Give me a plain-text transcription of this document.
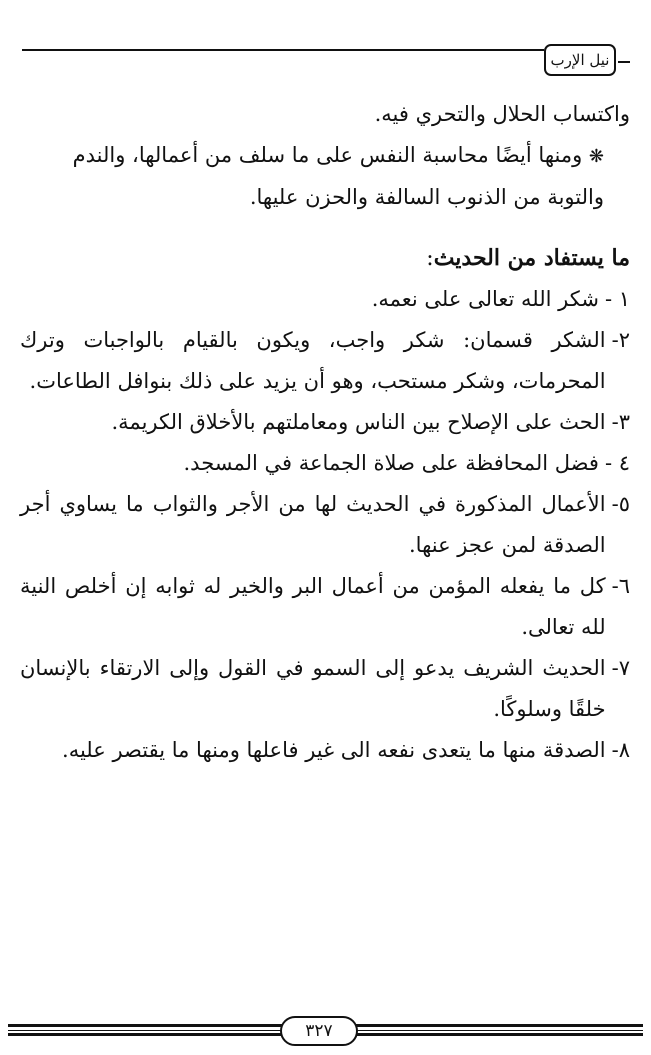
نيل الإرب

واكتساب الحلال والتحري فيه.

❋ ومنها أيضًا محاسبة النفس على ما سلف من أعمالها، والندم والتوبة من الذنوب السالفة والحزن عليها.

ما يستفاد من الحديث:

١ -
شكر الله تعالى على نعمه.
٢-
الشكر قسمان: شكر واجب، ويكون بالقيام بالواجبات وترك المحرمات، وشكر مستحب، وهو أن يزيد على ذلك بنوافل الطاعات.
٣-
الحث على الإصلاح بين الناس ومعاملتهم بالأخلاق الكريمة.
٤ -
فضل المحافظة على صلاة الجماعة في المسجد.
٥-
الأعمال المذكورة في الحديث لها من الأجر والثواب ما يساوي أجر الصدقة لمن عجز عنها.
٦-
كل ما يفعله المؤمن من أعمال البر والخير له ثوابه إن أخلص النية لله تعالى.
٧-
الحديث الشريف يدعو إلى السمو في القول وإلى الارتقاء بالإنسان خلقًا وسلوكًا.
٨-
الصدقة منها ما يتعدى نفعه الى غير فاعلها ومنها ما يقتصر عليه.
٣٢٧
